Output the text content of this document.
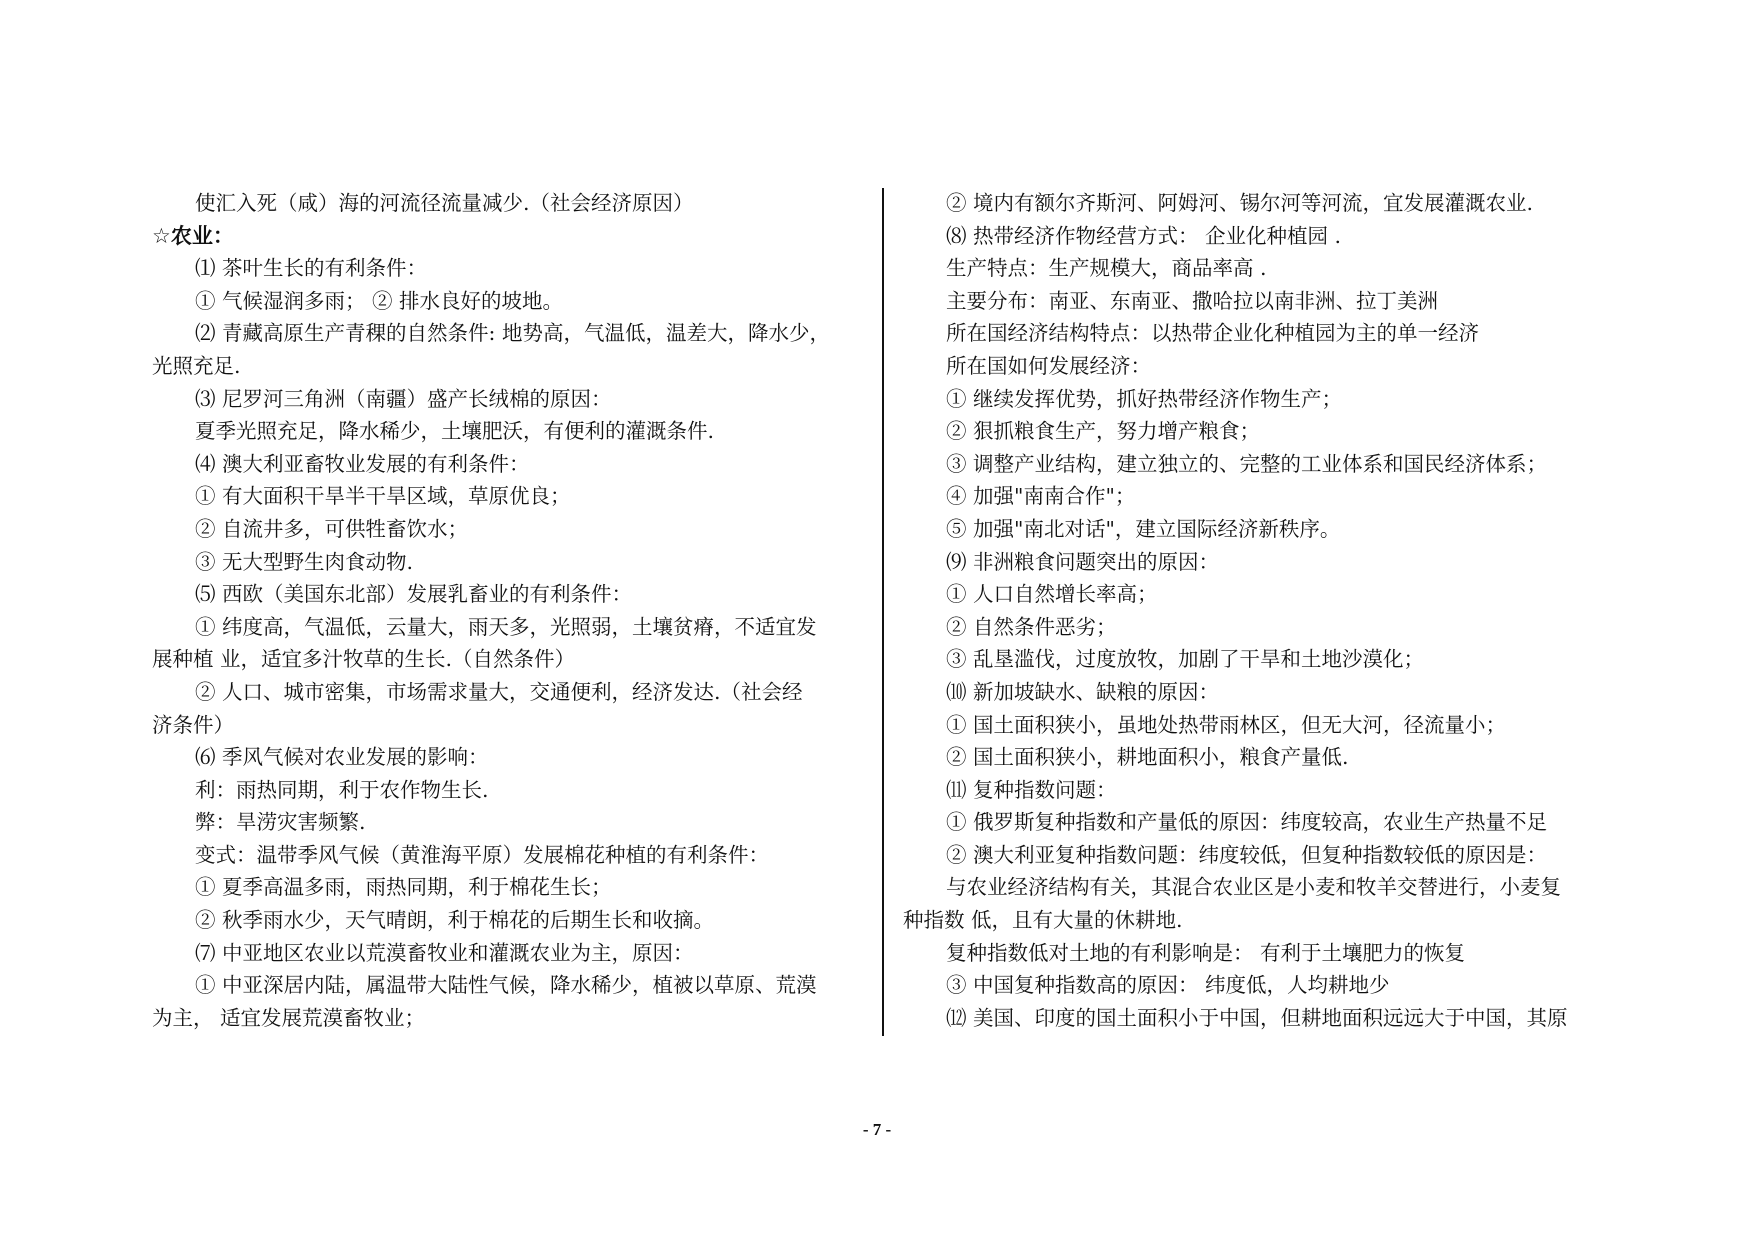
使汇入死（咸）海的河流径流量减少.（社会经济原因）
☆农业：
⑴ 茶叶生长的有利条件：
① 气候湿润多雨； ② 排水良好的坡地。
⑵ 青藏高原生产青稞的自然条件: 地势高，气温低，温差大，降水少，
光照充足.
⑶ 尼罗河三角洲（南疆）盛产长绒棉的原因：
夏季光照充足，降水稀少，土壤肥沃，有便利的灌溉条件.
⑷ 澳大利亚畜牧业发展的有利条件：
① 有大面积干旱半干旱区域，草原优良；
② 自流井多，可供牲畜饮水；
③ 无大型野生肉食动物.
⑸ 西欧（美国东北部）发展乳畜业的有利条件：
① 纬度高，气温低，云量大，雨天多，光照弱，土壤贫瘠，不适宜发
展种植 业，适宜多汁牧草的生长.（自然条件）
② 人口、城市密集，市场需求量大，交通便利，经济发达.（社会经
济条件）
⑹ 季风气候对农业发展的影响：
利：雨热同期，利于农作物生长.
弊：旱涝灾害频繁.
变式：温带季风气候（黄淮海平原）发展棉花种植的有利条件：
① 夏季高温多雨，雨热同期，利于棉花生长；
② 秋季雨水少，天气晴朗，利于棉花的后期生长和收摘。
⑺ 中亚地区农业以荒漠畜牧业和灌溉农业为主，原因：
① 中亚深居内陆，属温带大陆性气候，降水稀少，植被以草原、荒漠
为主， 适宜发展荒漠畜牧业；
② 境内有额尔齐斯河、阿姆河、锡尔河等河流，宜发展灌溉农业.
⑻ 热带经济作物经营方式： 企业化种植园 .
生产特点：生产规模大，商品率高 .
主要分布：南亚、东南亚、撒哈拉以南非洲、拉丁美洲
所在国经济结构特点：以热带企业化种植园为主的单一经济
所在国如何发展经济：
① 继续发挥优势，抓好热带经济作物生产；
② 狠抓粮食生产，努力增产粮食；
③ 调整产业结构，建立独立的、完整的工业体系和国民经济体系；
④ 加强"南南合作"；
⑤ 加强"南北对话"，建立国际经济新秩序。
⑼ 非洲粮食问题突出的原因：
① 人口自然增长率高；
② 自然条件恶劣；
③ 乱垦滥伐，过度放牧，加剧了干旱和土地沙漠化；
⑽ 新加坡缺水、缺粮的原因：
① 国土面积狭小，虽地处热带雨林区，但无大河，径流量小；
② 国土面积狭小，耕地面积小，粮食产量低.
⑾ 复种指数问题：
① 俄罗斯复种指数和产量低的原因：纬度较高，农业生产热量不足
② 澳大利亚复种指数问题：纬度较低，但复种指数较低的原因是：
与农业经济结构有关，其混合农业区是小麦和牧羊交替进行，小麦复
种指数 低，且有大量的休耕地.
复种指数低对土地的有利影响是： 有利于土壤肥力的恢复
③ 中国复种指数高的原因： 纬度低，人均耕地少
⑿ 美国、印度的国土面积小于中国，但耕地面积远远大于中国，其原
- 7 -
